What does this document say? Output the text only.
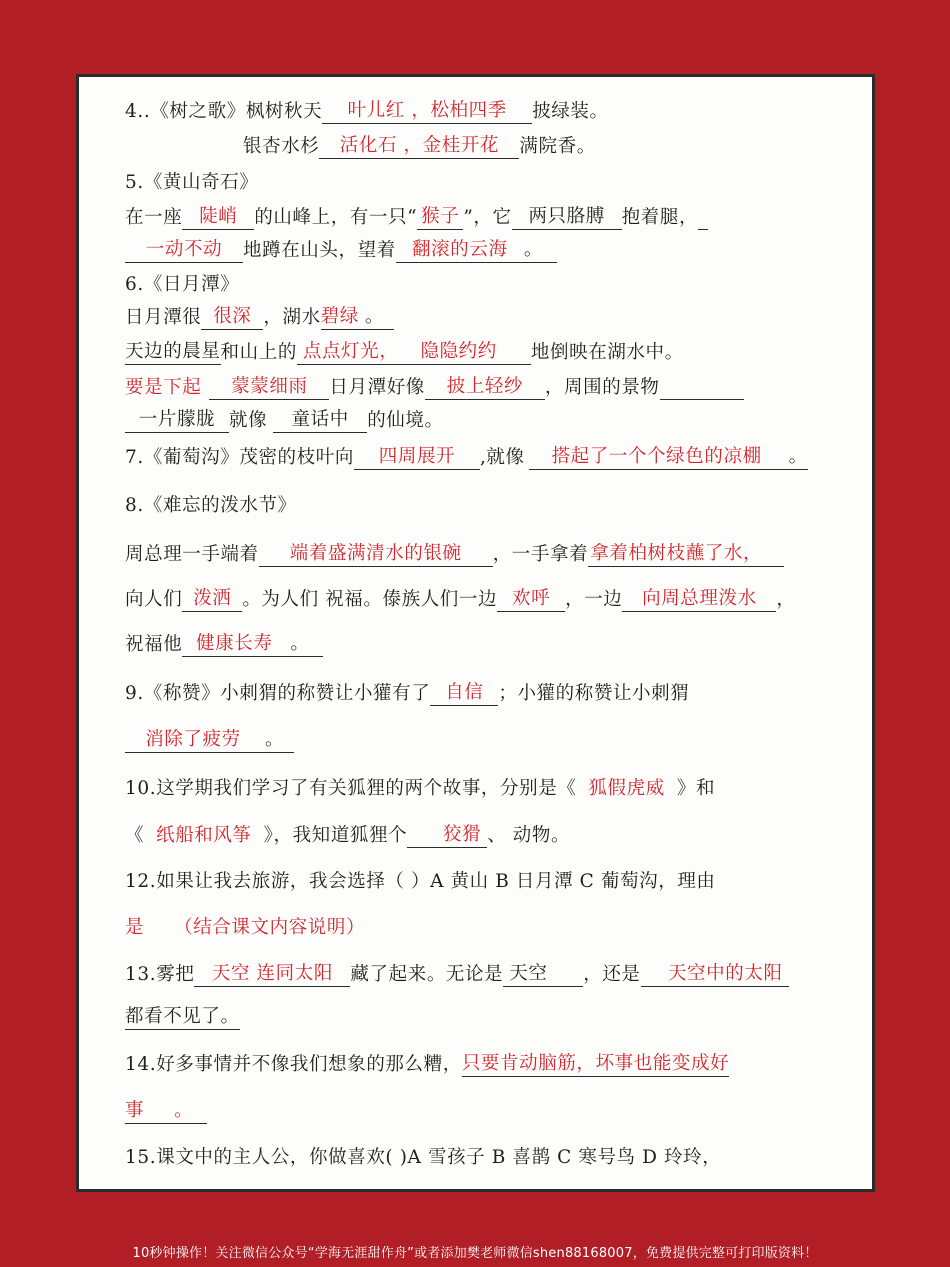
4..《树之歌》枫树秋天	叶儿红 ，松柏四季	披绿装。
银杏水杉	活化石 ，金桂开花	满院香。
5.《黄山奇石》
在一座 陡峭 的山峰上，有一只“ 猴子 ”，它 两只胳膊 抱着腿，
一动不动	地蹲在山头，望着 翻滚的云海 。
6.《日月潭》
日月潭很 很深 ，湖水 碧绿 。
天边的晨星 和山上的 点点灯光， 隐隐约约	地倒映在湖水中。
要是下起	蒙蒙细雨	日月潭好像	披上轻纱	，周围的景物
一片朦胧 就像	童话中 的仙境。
7.《葡萄沟》茂密的枝叶向	四周展开	,就像	搭起了一个个绿色的凉棚	。
8.《难忘的泼水节》
周总理一手端着	端着盛满清水的银碗	，一手拿着 拿着柏树枝蘸了水，
向人们 泼洒 。为人们 祝福。傣族人们一边 欢呼 ，一边	向周总理泼水	，
祝福他 健康长寿 。
9.《称赞》小刺猬的称赞让小獾有了 自信 ；小獾的称赞让小刺猬
消除了疲劳	。
10.这学期我们学习了有关狐狸的两个故事，分别是《 狐假虎威 》和
《 纸船和风筝 》，我知道狐狸个	狡猾 、 动物。
12.如果让我去旅游，我会选择（ ）A 黄山 B 日月潭 C 葡萄沟，理由
是	（结合课文内容说明）
13.雾把 天空 连同太阳 藏了起来。无论是 天空	，还是	天空中的太阳
都看不见了。
14.好多事情并不像我们想象的那么糟， 只要肯动脑筋，坏事也能变成好
事	。
15.课文中的主人公，你做喜欢( )A 雪孩子 B 喜鹊 C 寒号鸟 D 玲玲，
10秒钟操作！关注微信公众号“学海无涯甜作舟”或者添加樊老师微信shen88168007，免费提供完整可打印版资料！
